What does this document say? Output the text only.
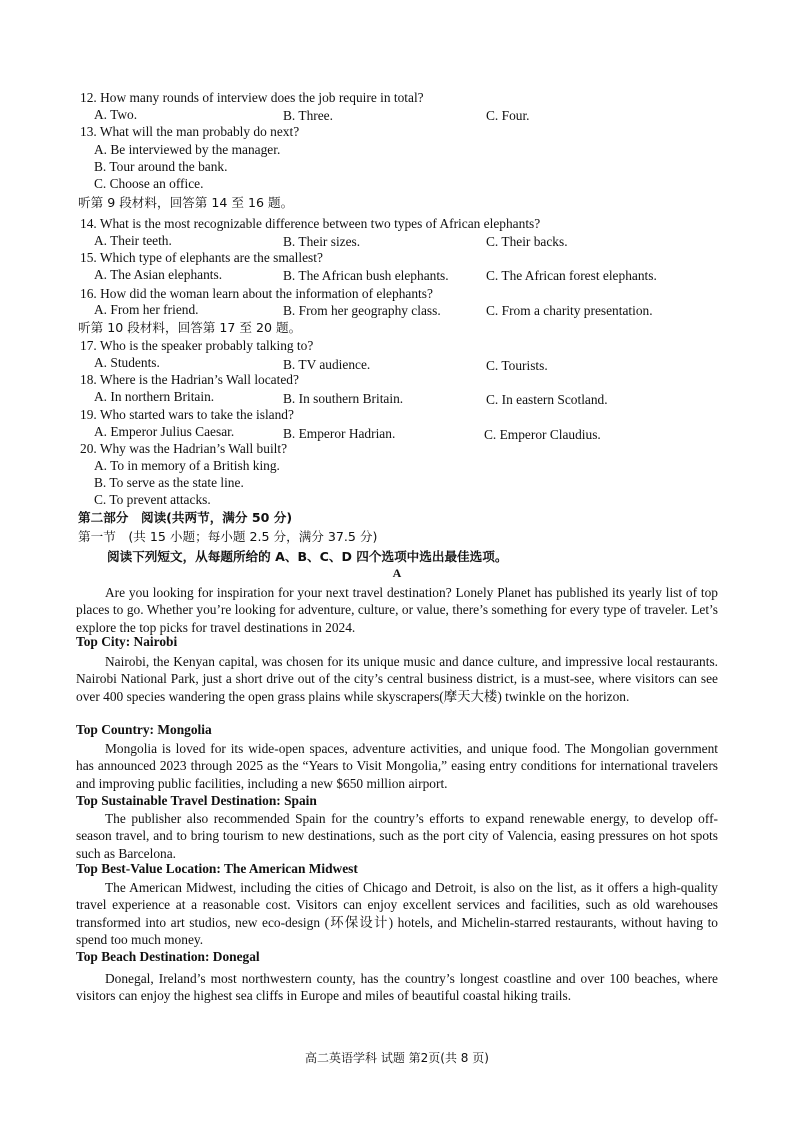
12. How many rounds of interview does the job require in total?
A. Two.	B. Three.	C. Four.
13. What will the man probably do next?
A. Be interviewed by the manager.
B. Tour around the bank.
C. Choose an office.
听第 9 段材料，回答第 14 至 16 题。
14. What is the most recognizable difference between two types of African elephants?
A. Their teeth.	B. Their sizes.	C. Their backs.
15. Which type of elephants are the smallest?
A. The Asian elephants.	B. The African bush elephants.	C. The African forest elephants.
16. How did the woman learn about the information of elephants?
A. From her friend.	B. From her geography class.	C. From a charity presentation.
听第 10 段材料，回答第 17 至 20 题。
17. Who is the speaker probably talking to?
A. Students.	B. TV audience.	C. Tourists.
18. Where is the Hadrian’s Wall located?
A. In northern Britain.	B. In southern Britain.	C. In eastern Scotland.
19. Who started wars to take the island?
A. Emperor Julius Caesar.	B. Emperor Hadrian.	C. Emperor Claudius.
20. Why was the Hadrian’s Wall built?
A. To in memory of a British king.
B. To serve as the state line.
C. To prevent attacks.
第二部分　阅读(共两节，满分 50 分)
第一节　(共 15 小题；每小题 2.5 分，满分 37.5 分)
阅读下列短文，从每题所给的 A、B、C、D 四个选项中选出最佳选项。
A

Are you looking for inspiration for your next travel destination? Lonely Planet has published its yearly list of top places to go. Whether you’re looking for adventure, culture, or value, there’s something for every type of traveler. Let’s explore the top picks for travel destinations in 2024.

Top City: Nairobi

Nairobi, the Kenyan capital, was chosen for its unique music and dance culture, and impressive local restaurants. Nairobi National Park, just a short drive out of the city’s central business district, is a must-see, where visitors can see over 400 species wandering the open grass plains while skyscrapers(摩天大楼) twinkle on the horizon.

Top Country: Mongolia

Mongolia is loved for its wide-open spaces, adventure activities, and unique food. The Mongolian government has announced 2023 through 2025 as the “Years to Visit Mongolia,” easing entry conditions for international travelers and improving public facilities, including a new $650 million airport.

Top Sustainable Travel Destination: Spain

The publisher also recommended Spain for the country’s efforts to expand renewable energy, to develop off-season travel, and to bring tourism to new destinations, such as the port city of Valencia, easing pressures on hot spots such as Barcelona.

Top Best-Value Location: The American Midwest

The American Midwest, including the cities of Chicago and Detroit, is also on the list, as it offers a high-quality travel experience at a reasonable cost. Visitors can enjoy excellent services and facilities, such as old warehouses transformed into art studios, new eco-design (环保设计) hotels, and Michelin-starred restaurants, without having to spend too much money.

Top Beach Destination: Donegal

Donegal, Ireland’s most northwestern county, has the country’s longest coastline and over 100 beaches, where visitors can enjoy the highest sea cliffs in Europe and miles of beautiful coastal hiking trails.

高二英语学科 试题 第2页(共 8 页)
